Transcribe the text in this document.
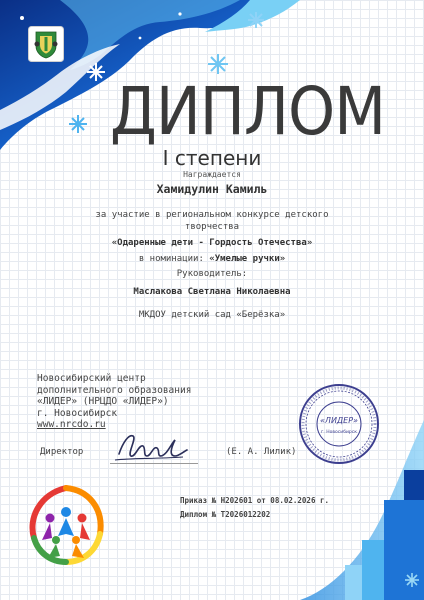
ДИПЛОМ
I степени
Награждается
Хамидулин Камиль
за участие в региональном конкурсе детского творчества
«Одаренные дети - Гордость Отечества»
в номинации: «Умелые ручки»
Руководитель:
Маслакова Светлана Николаевна
МКДОУ детский сад «Берёзка»
Новосибирский центр
дополнительного образования
«ЛИДЕР» (НРЦДО «ЛИДЕР»)
г. Новосибирск
www.nrcdo.ru
Директор	(Е. А. Лилик)
«ЛИДЕР»
г. Новосибирск
Приказ № Н202601 от 08.02.2026 г.
Диплом № Т2026012202
